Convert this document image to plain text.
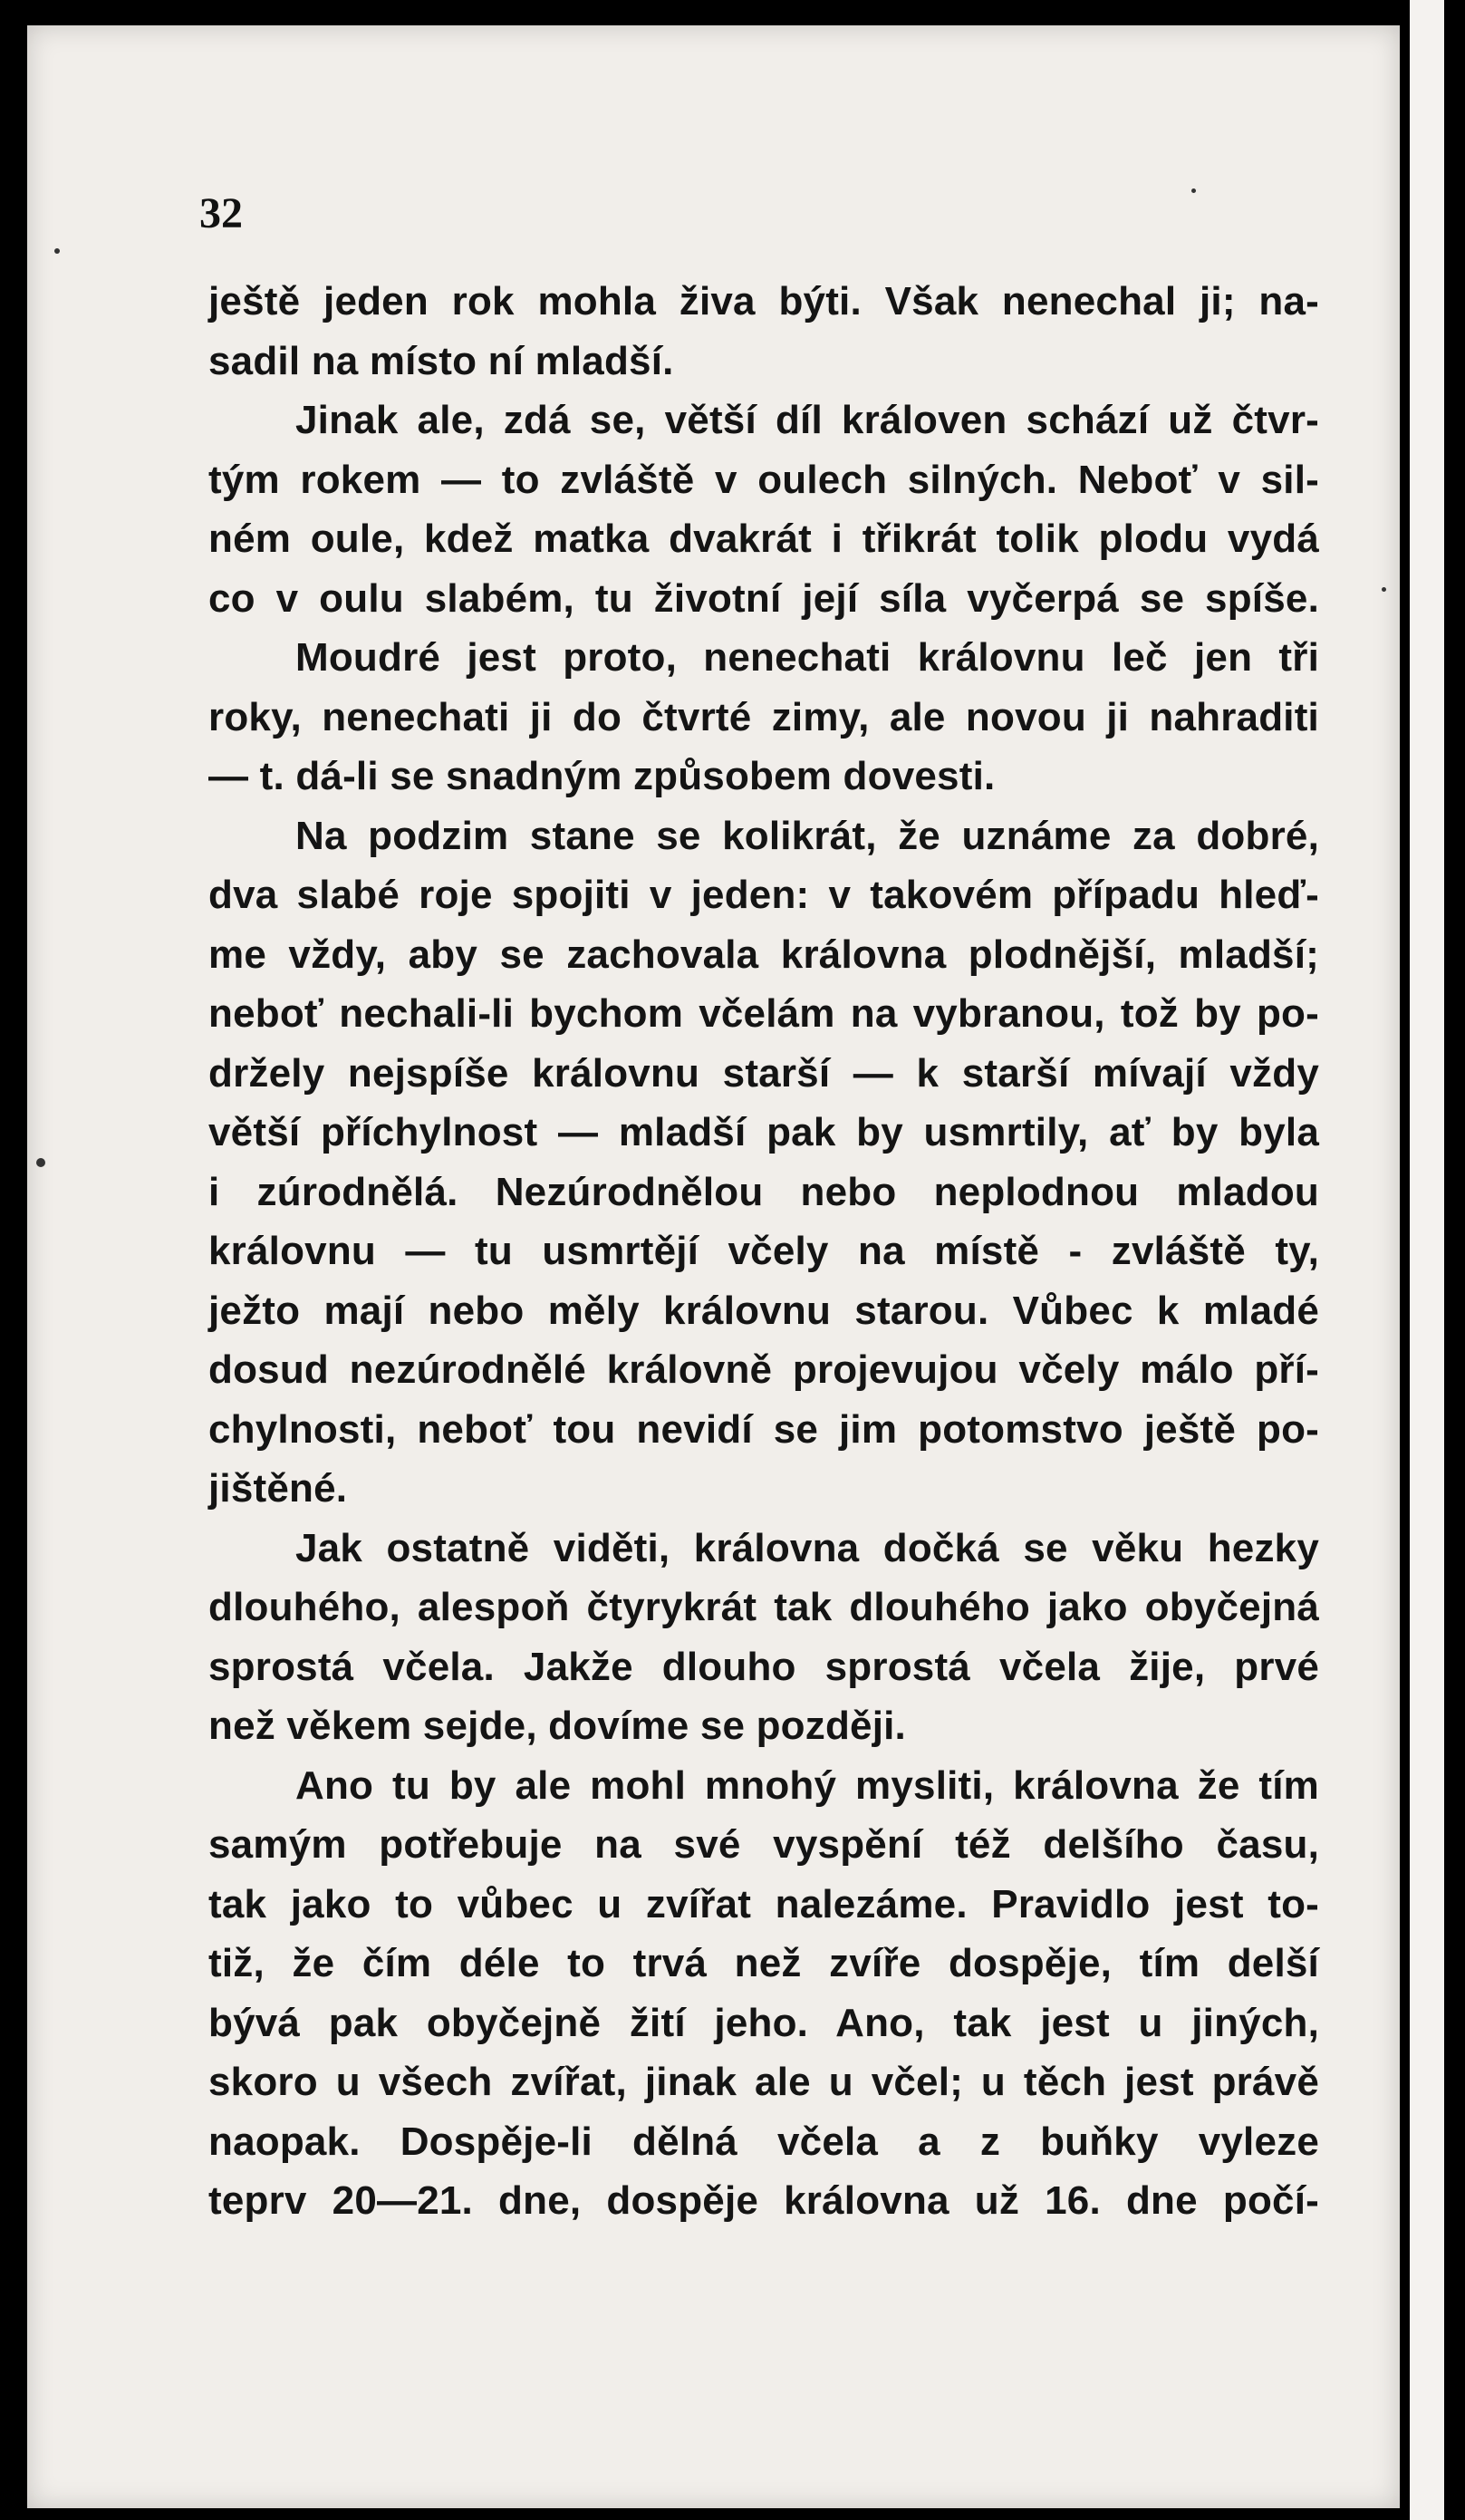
32
ještě jeden rok mohla živa býti. Však nenechal ji; na-
sadil na místo ní mladší.
Jinak ale, zdá se, větší díl královen schází už čtvr-
tým rokem — to zvláště v oulech silných. Neboť v sil-
ném oule, kdež matka dvakrát i třikrát tolik plodu vydá
co v oulu slabém, tu životní její síla vyčerpá se spíše.
Moudré jest proto, nenechati královnu leč jen tři
roky, nenechati ji do čtvrté zimy, ale novou ji nahraditi
— t. dá-li se snadným způsobem dovesti.
Na podzim stane se kolikrát, že uznáme za dobré,
dva slabé roje spojiti v jeden: v takovém případu hleď-
me vždy, aby se zachovala královna plodnější, mladší;
neboť nechali-li bychom včelám na vybranou, tož by po-
držely nejspíše královnu starší — k starší mívají vždy
větší příchylnost — mladší pak by usmrtily, ať by byla
i zúrodnělá. Nezúrodnělou nebo neplodnou mladou
královnu — tu usmrtějí včely na místě - zvláště ty,
ježto mají nebo měly královnu starou. Vůbec k mladé
dosud nezúrodnělé královně projevujou včely málo pří-
chylnosti, neboť tou nevidí se jim potomstvo ještě po-
jištěné.
Jak ostatně viděti, královna dočká se věku hezky
dlouhého, alespoň čtyrykrát tak dlouhého jako obyčejná
sprostá včela. Jakže dlouho sprostá včela žije, prvé
než věkem sejde, dovíme se později.
Ano tu by ale mohl mnohý mysliti, královna že tím
samým potřebuje na své vyspění též delšího času,
tak jako to vůbec u zvířat nalezáme. Pravidlo jest to-
tiž, že čím déle to trvá než zvíře dospěje, tím delší
bývá pak obyčejně žití jeho. Ano, tak jest u jiných,
skoro u všech zvířat, jinak ale u včel; u těch jest právě
naopak. Dospěje-li dělná včela a z buňky vyleze
teprv 20—21. dne, dospěje královna už 16. dne počí-
